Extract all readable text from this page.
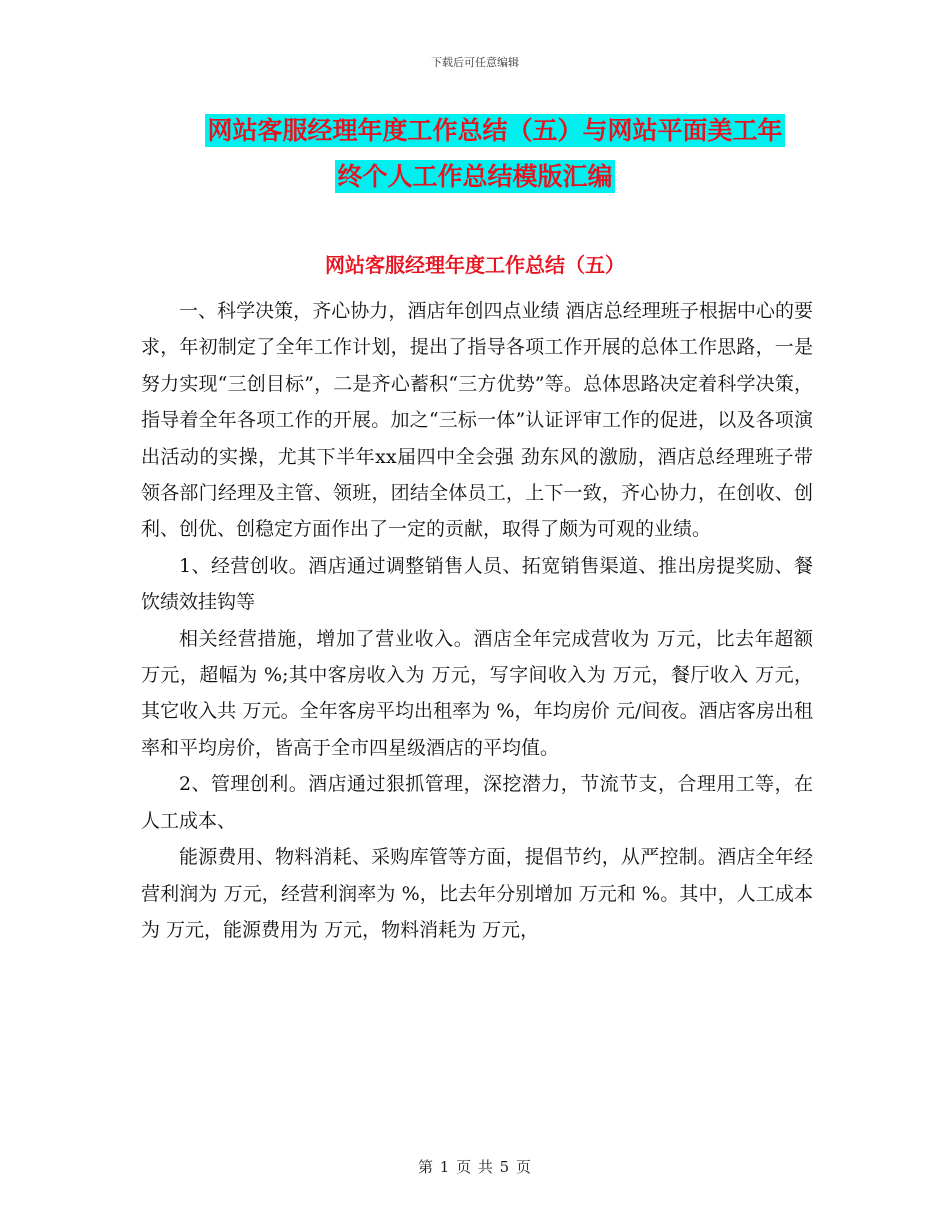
下载后可任意编辑
网站客服经理年度工作总结（五）与网站平面美工年
终个人工作总结模版汇编
网站客服经理年度工作总结（五）

一、科学决策，齐心协力，酒店年创四点业绩 酒店总经理班子根据中心的要求，年初制定了全年工作计划，提出了指导各项工作开展的总体工作思路，一是努力实现“三创目标”，二是齐心蓄积“三方优势”等。总体思路决定着科学决策，指导着全年各项工作的开展。加之“三标一体”认证评审工作的促进，以及各项演出活动的实操，尤其下半年xx届四中全会强 劲东风的激励，酒店总经理班子带领各部门经理及主管、领班，团结全体员工，上下一致，齐心协力，在创收、创利、创优、创稳定方面作出了一定的贡献，取得了颇为可观的业绩。

1、经营创收。酒店通过调整销售人员、拓宽销售渠道、推出房提奖励、餐饮绩效挂钩等

相关经营措施，增加了营业收入。酒店全年完成营收为 万元，比去年超额 万元，超幅为 %;其中客房收入为 万元，写字间收入为 万元，餐厅收入 万元，其它收入共 万元。全年客房平均出租率为 %，年均房价 元/间夜。酒店客房出租率和平均房价，皆高于全市四星级酒店的平均值。

2、管理创利。酒店通过狠抓管理，深挖潜力，节流节支，合理用工等，在人工成本、

能源费用、物料消耗、采购库管等方面，提倡节约，从严控制。酒店全年经营利润为 万元，经营利润率为 %，比去年分别增加 万元和 %。其中，人工成本为 万元，能源费用为 万元，物料消耗为 万元，

第 1 页 共 5 页
